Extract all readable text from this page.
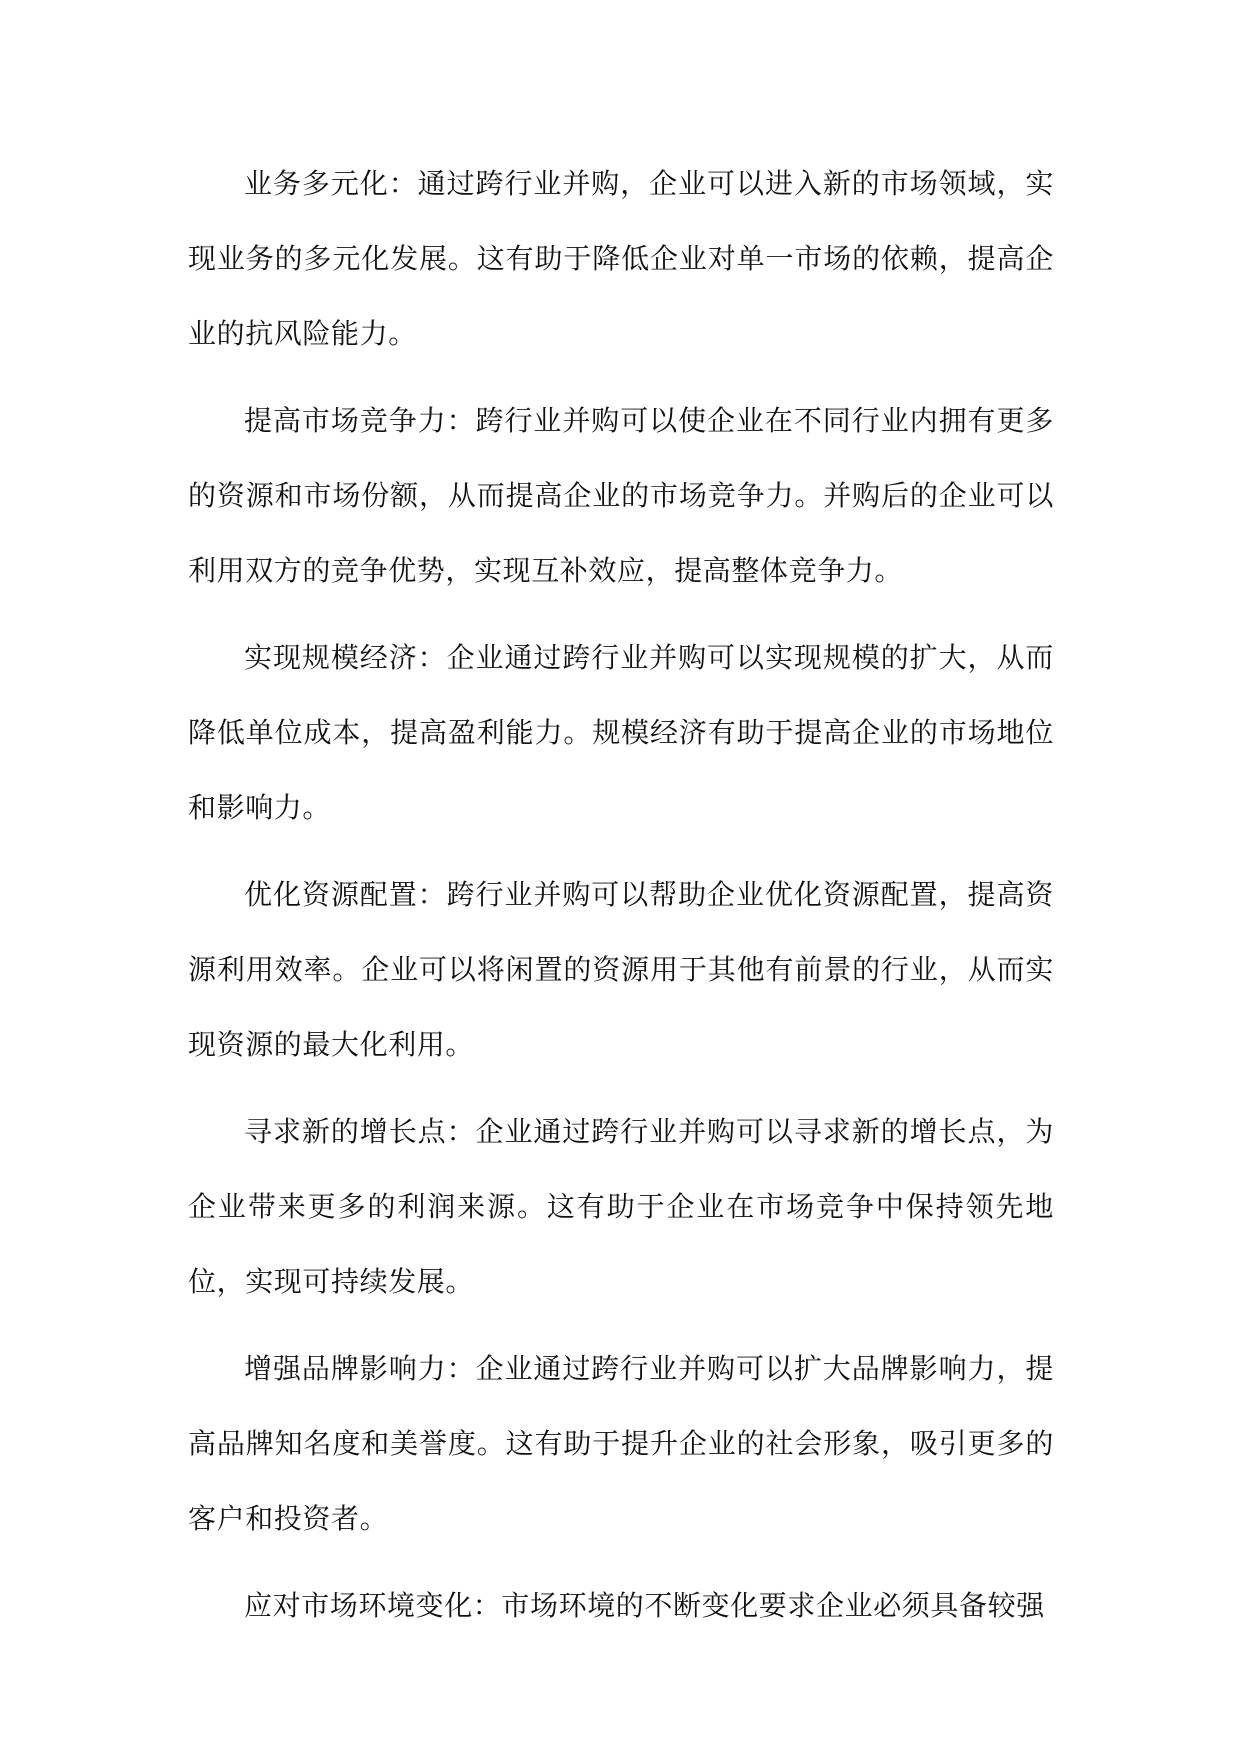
业务多元化：通过跨行业并购，企业可以进入新的市场领域，实现业务的多元化发展。这有助于降低企业对单一市场的依赖，提高企业的抗风险能力。

提高市场竞争力：跨行业并购可以使企业在不同行业内拥有更多的资源和市场份额，从而提高企业的市场竞争力。并购后的企业可以利用双方的竞争优势，实现互补效应，提高整体竞争力。

实现规模经济：企业通过跨行业并购可以实现规模的扩大，从而降低单位成本，提高盈利能力。规模经济有助于提高企业的市场地位和影响力。

优化资源配置：跨行业并购可以帮助企业优化资源配置，提高资源利用效率。企业可以将闲置的资源用于其他有前景的行业，从而实现资源的最大化利用。

寻求新的增长点：企业通过跨行业并购可以寻求新的增长点，为企业带来更多的利润来源。这有助于企业在市场竞争中保持领先地位，实现可持续发展。

增强品牌影响力：企业通过跨行业并购可以扩大品牌影响力，提高品牌知名度和美誉度。这有助于提升企业的社会形象，吸引更多的客户和投资者。

应对市场环境变化：市场环境的不断变化要求企业必须具备较强
